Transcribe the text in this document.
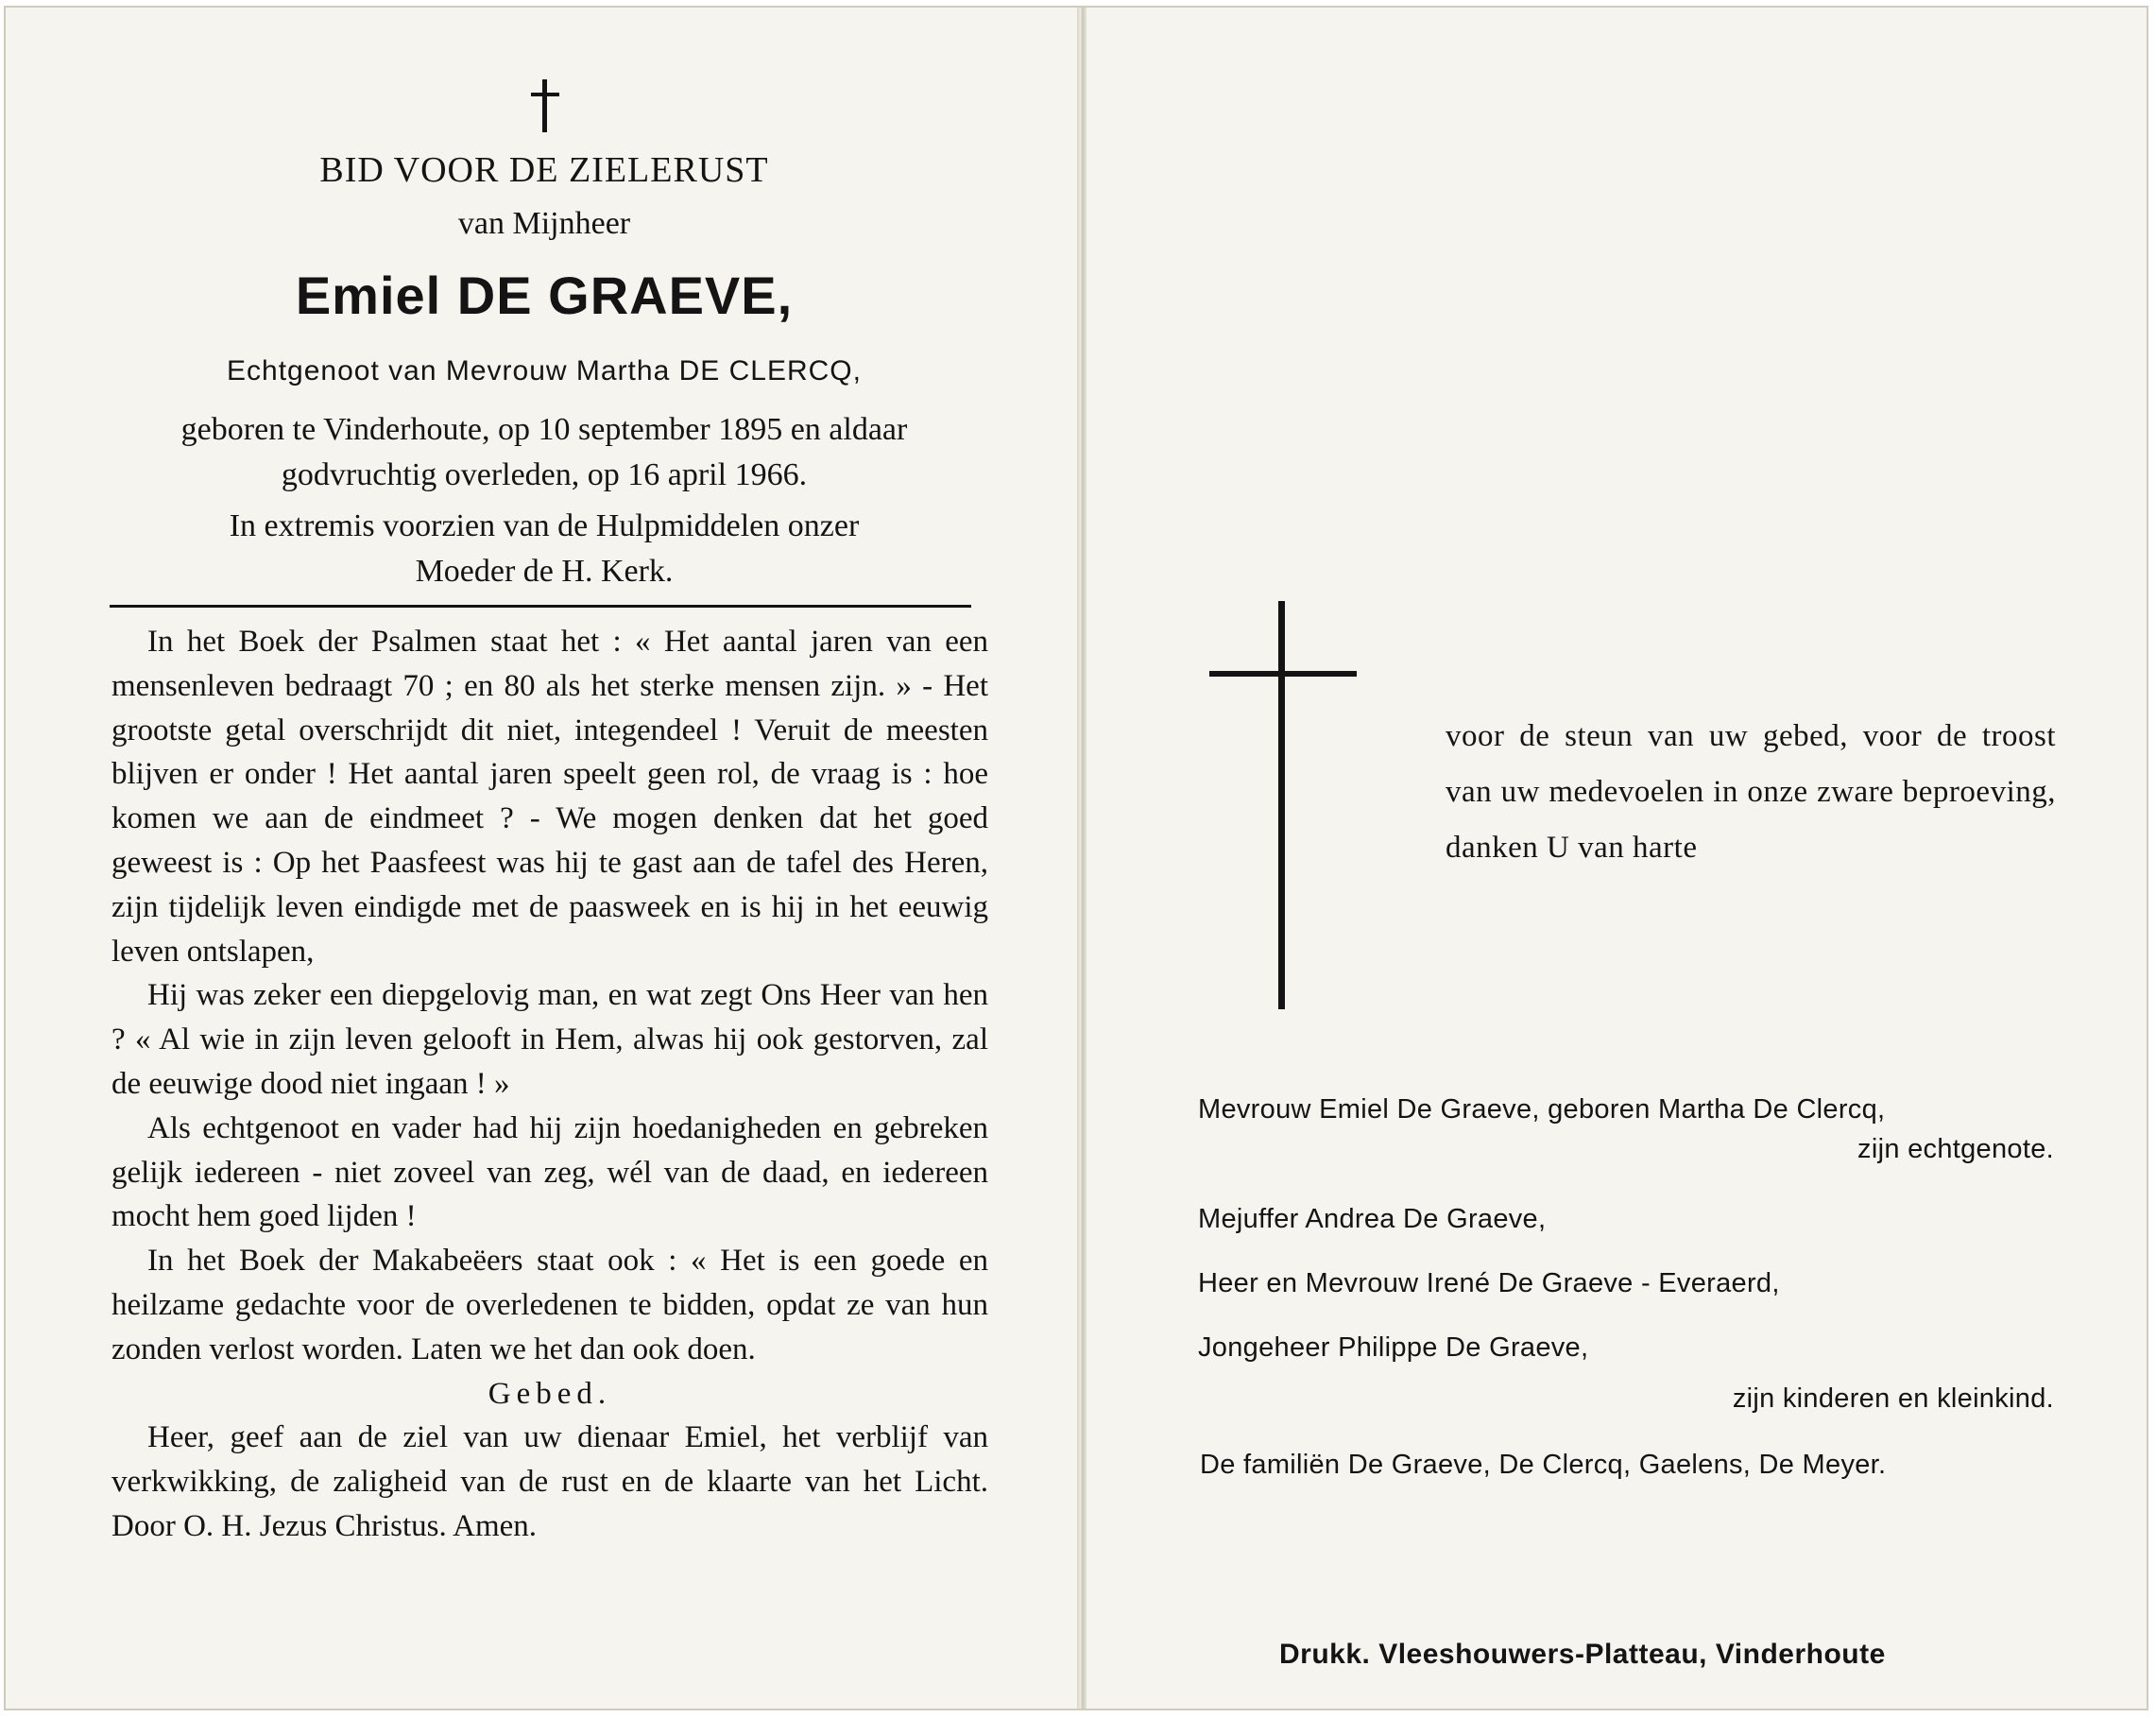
BID VOOR DE ZIELERUST
van Mijnheer
Emiel DE GRAEVE,
Echtgenoot van Mevrouw Martha DE CLERCQ,
geboren te Vinderhoute, op 10 september 1895 en aldaar
godvruchtig overleden, op 16 april 1966.
In extremis voorzien van de Hulpmiddelen onzer
Moeder de H. Kerk.

In het Boek der Psalmen staat het : « Het aantal jaren van een mensenleven bedraagt 70 ; en 80 als het sterke mensen zijn. » - Het grootste getal overschrijdt dit niet, integendeel ! Veruit de meesten blijven er onder ! Het aantal jaren speelt geen rol, de vraag is : hoe komen we aan de eindmeet ? - We mogen denken dat het goed geweest is : Op het Paasfeest was hij te gast aan de tafel des Heren, zijn tijdelijk leven eindigde met de paasweek en is hij in het eeuwig leven ontslapen,

Hij was zeker een diepgelovig man, en wat zegt Ons Heer van hen ? « Al wie in zijn leven gelooft in Hem, alwas hij ook gestorven, zal de eeuwige dood niet ingaan ! »

Als echtgenoot en vader had hij zijn hoedanigheden en gebreken gelijk iedereen - niet zoveel van zeg, wél van de daad, en iedereen mocht hem goed lijden !

In het Boek der Makabeëers staat ook : « Het is een goede en heilzame gedachte voor de overledenen te bidden, opdat ze van hun zonden verlost worden. Laten we het dan ook doen.

Gebed.

Heer, geef aan de ziel van uw dienaar Emiel, het verblijf van verkwikking, de zaligheid van de rust en de klaarte van het Licht. Door O. H. Jezus Christus. Amen.

voor de steun van uw gebed, voor de troost van uw medevoelen in onze zware beproeving, danken U van harte
Mevrouw Emiel De Graeve, geboren Martha De Clercq,
zijn echtgenote.
Mejuffer Andrea De Graeve,
Heer en Mevrouw Irené De Graeve - Everaerd,
Jongeheer Philippe De Graeve,
zijn kinderen en kleinkind.
De familiën De Graeve, De Clercq, Gaelens, De Meyer.
Drukk. Vleeshouwers-Platteau, Vinderhoute
